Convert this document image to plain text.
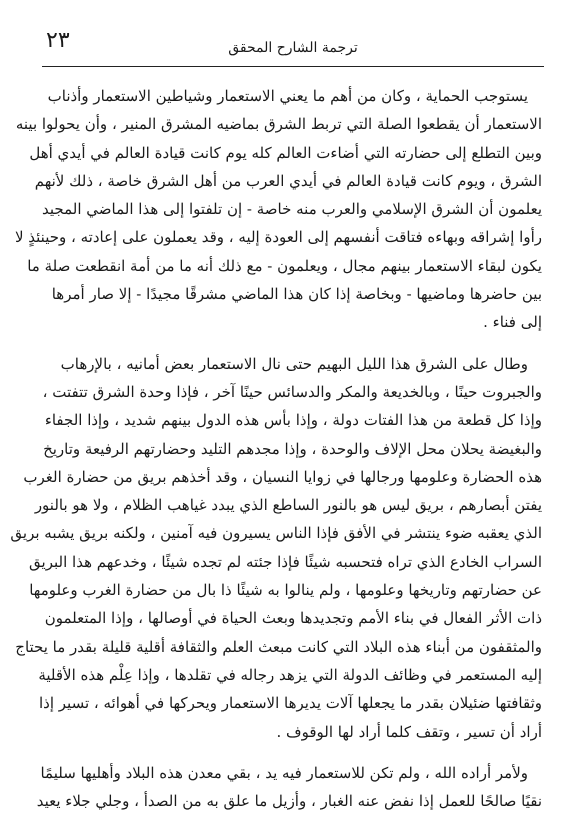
٢٣	ترجمة الشارح المحقق
يستوجب الحماية ، وكان من أهم ما يعني الاستعمار وشياطين الاستعمار وأذناب
الاستعمار أن يقطعوا الصلة التي تربط الشرق بماضيه المشرق المنير ، وأن يحولوا بينه
وبين التطلع إلى حضارته التي أضاءت العالم كله يوم كانت قيادة العالم في أيدي أهل
الشرق ، ويوم كانت قيادة العالم في أيدي العرب من أهل الشرق خاصة ، ذلك لأنهم
يعلمون أن الشرق الإسلامي والعرب منه خاصة - إن تلفتوا إلى هذا الماضي المجيد
رأوا إشراقه وبهاءه فتاقت أنفسهم إلى العودة إليه ، وقد يعملون على إعادته ، وحينئذٍ لا
يكون لبقاء الاستعمار بينهم مجال ، ويعلمون - مع ذلك أنه ما من أمة انقطعت صلة ما
بين حاضرها وماضيها - وبخاصة إذا كان هذا الماضي مشرقًا مجيدًا - إلا صار أمرها
إلى فناء .
وطال على الشرق هذا الليل البهيم حتى نال الاستعمار بعض أمانيه ، بالإرهاب
والجبروت حينًا ، وبالخديعة والمكر والدسائس حينًا آخر ، فإذا وحدة الشرق تتفتت ،
وإذا كل قطعة من هذا الفتات دولة ، وإذا بأس هذه الدول بينهم شديد ، وإذا الجفاء
والبغيضة يحلان محل الإلاف والوحدة ، وإذا مجدهم التليد وحضارتهم الرفيعة وتاريخ
هذه الحضارة وعلومها ورجالها في زوايا النسيان ، وقد أخذهم بريق من حضارة الغرب
يفتن أبصارهم ، بريق ليس هو بالنور الساطع الذي يبدد غياهب الظلام ، ولا هو بالنور
الذي يعقبه ضوء ينتشر في الأفق فإذا الناس يسيرون فيه آمنين ، ولكنه بريق يشبه بريق
السراب الخادع الذي تراه فتحسبه شيئًا فإذا جئته لم تجده شيئًا ، وخدعهم هذا البريق
عن حضارتهم وتاريخها وعلومها ، ولم ينالوا به شيئًا ذا بال من حضارة الغرب وعلومها
ذات الأثر الفعال في بناء الأمم وتجديدها وبعث الحياة في أوصالها ، وإذا المتعلمون
والمثقفون من أبناء هذه البلاد التي كانت مبعث العلم والثقافة أقلية قليلة بقدر ما يحتاج
إليه المستعمر في وظائف الدولة التي يزهد رجاله في تقلدها ، وإذا عِلْم هذه الأقلية
وثقافتها ضئيلان بقدر ما يجعلها آلات يديرها الاستعمار ويحركها في أهوائه ، تسير إذا
أراد أن تسير ، وتقف كلما أراد لها الوقوف .
ولأمر أراده الله ، ولم تكن للاستعمار فيه يد ، بقي معدن هذه البلاد وأهليها سليمًا
نقيًا صالحًا للعمل إذا نفض عنه الغبار ، وأزيل ما علق به من الصدأ ، وجلي جلاء يعيد
